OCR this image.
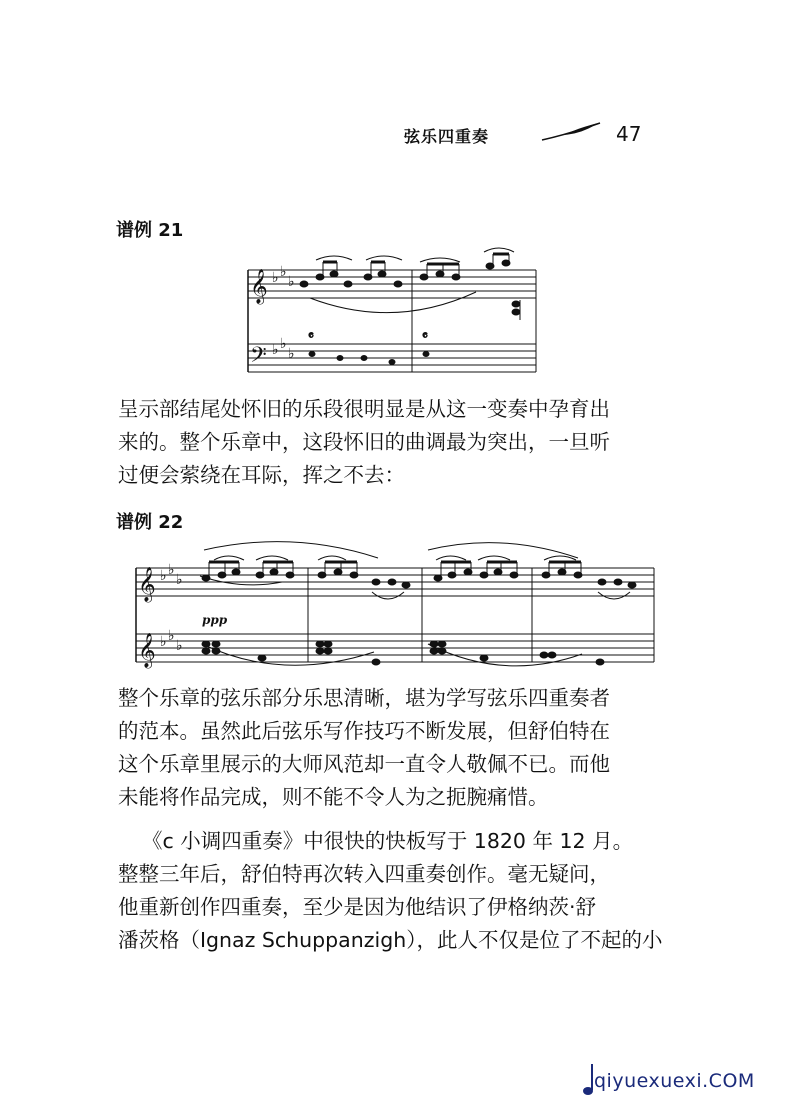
弦乐四重奏	47
谱例 21
𝄞
𝄢
♭ ♭
♭
♭ ♭
♭
𝄴	𝄴
呈示部结尾处怀旧的乐段很明显是从这一变奏中孕育出
来的。整个乐章中，这段怀旧的曲调最为突出，一旦听
过便会萦绕在耳际，挥之不去：
谱例 22
𝄞
𝄞
♭ ♭
♭
♭ ♭
♭
ppp
整个乐章的弦乐部分乐思清晰，堪为学写弦乐四重奏者
的范本。虽然此后弦乐写作技巧不断发展，但舒伯特在
这个乐章里展示的大师风范却一直令人敬佩不已。而他
未能将作品完成，则不能不令人为之扼腕痛惜。
《c 小调四重奏》中很快的快板写于 1820 年 12 月。
整整三年后，舒伯特再次转入四重奏创作。毫无疑问，
他重新创作四重奏，至少是因为他结识了伊格纳茨·舒
潘茨格（Ignaz Schuppanzigh），此人不仅是位了不起的小
qiyuexuexi.COM
